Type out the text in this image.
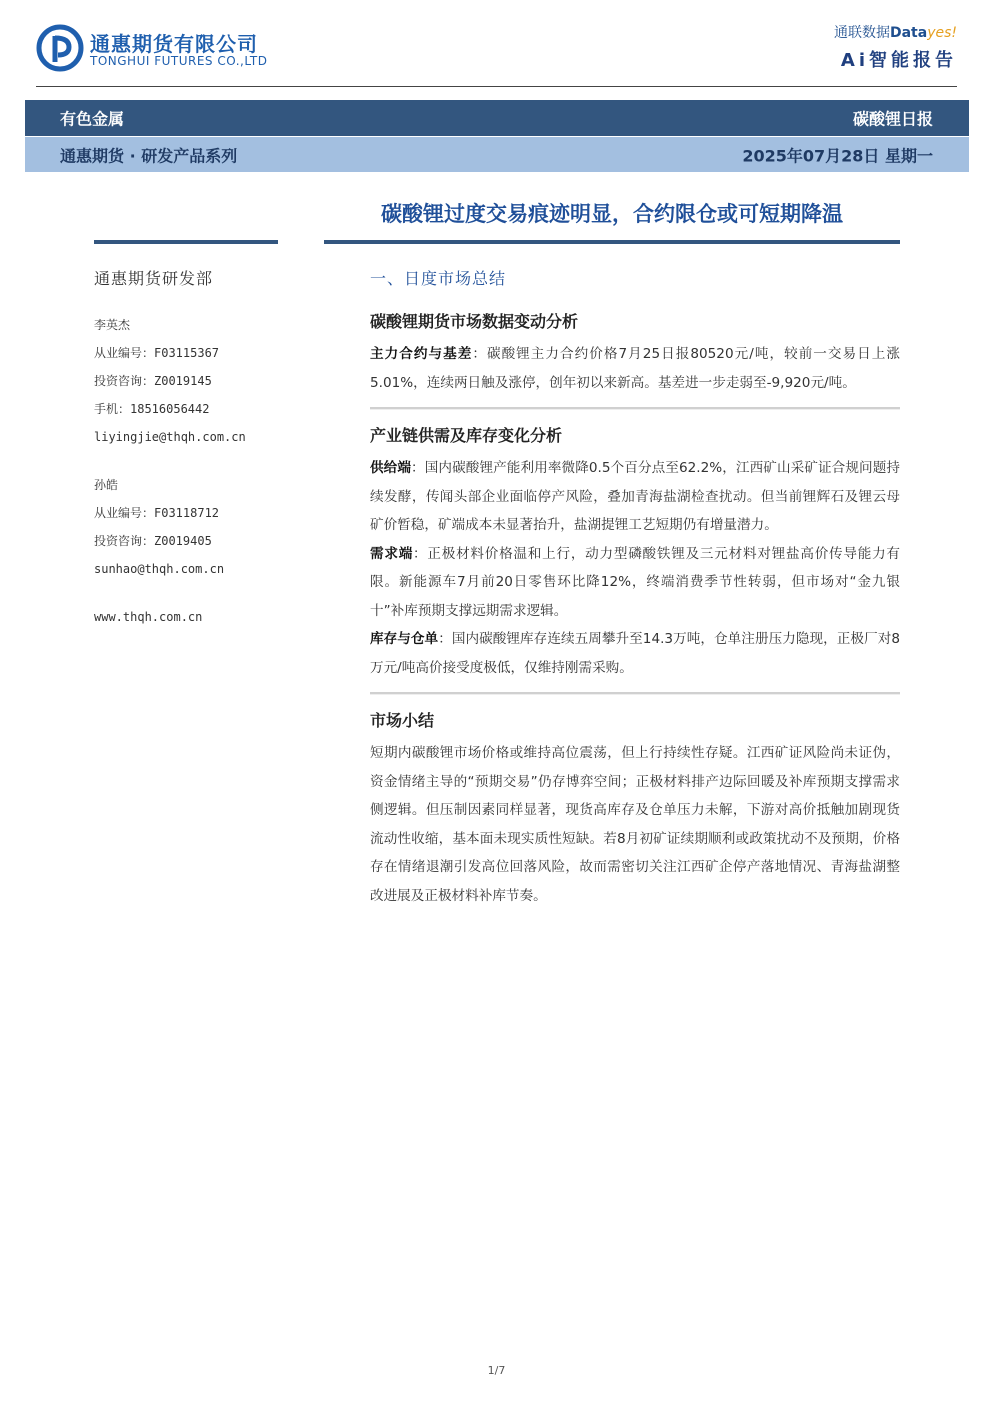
通惠期货有限公司
TONGHUI FUTURES CO.,LTD
通联数据Datayes!
Ai智能报告
有色金属	碳酸锂日报
通惠期货 · 研发产品系列	2025年07月28日 星期一
碳酸锂过度交易痕迹明显，合约限仓或可短期降温
通惠期货研发部
李英杰
从业编号：F03115367
投资咨询：Z0019145
手机：18516056442
liyingjie@thqh.com.cn
孙皓
从业编号：F03118712
投资咨询：Z0019405
sunhao@thqh.com.cn
www.thqh.com.cn
一、日度市场总结
碳酸锂期货市场数据变动分析

主力合约与基差：碳酸锂主力合约价格7月25日报80520元/吨，较前一交易日上涨5.01%，连续两日触及涨停，创年初以来新高。基差进一步走弱至-9,920元/吨。

产业链供需及库存变化分析

供给端：国内碳酸锂产能利用率微降0.5个百分点至62.2%，江西矿山采矿证合规问题持续发酵，传闻头部企业面临停产风险，叠加青海盐湖检查扰动。但当前锂辉石及锂云母矿价暂稳，矿端成本未显著抬升，盐湖提锂工艺短期仍有增量潜力。

需求端：正极材料价格温和上行，动力型磷酸铁锂及三元材料对锂盐高价传导能力有限。新能源车7月前20日零售环比降12%，终端消费季节性转弱，但市场对“金九银十”补库预期支撑远期需求逻辑。

库存与仓单：国内碳酸锂库存连续五周攀升至14.3万吨，仓单注册压力隐现，正极厂对8万元/吨高价接受度极低，仅维持刚需采购。

市场小结

短期内碳酸锂市场价格或维持高位震荡，但上行持续性存疑。江西矿证风险尚未证伪，资金情绪主导的“预期交易”仍存博弈空间；正极材料排产边际回暖及补库预期支撑需求侧逻辑。但压制因素同样显著，现货高库存及仓单压力未解，下游对高价抵触加剧现货流动性收缩，基本面未现实质性短缺。若8月初矿证续期顺利或政策扰动不及预期，价格存在情绪退潮引发高位回落风险，故而需密切关注江西矿企停产落地情况、青海盐湖整改进展及正极材料补库节奏。

1/7
